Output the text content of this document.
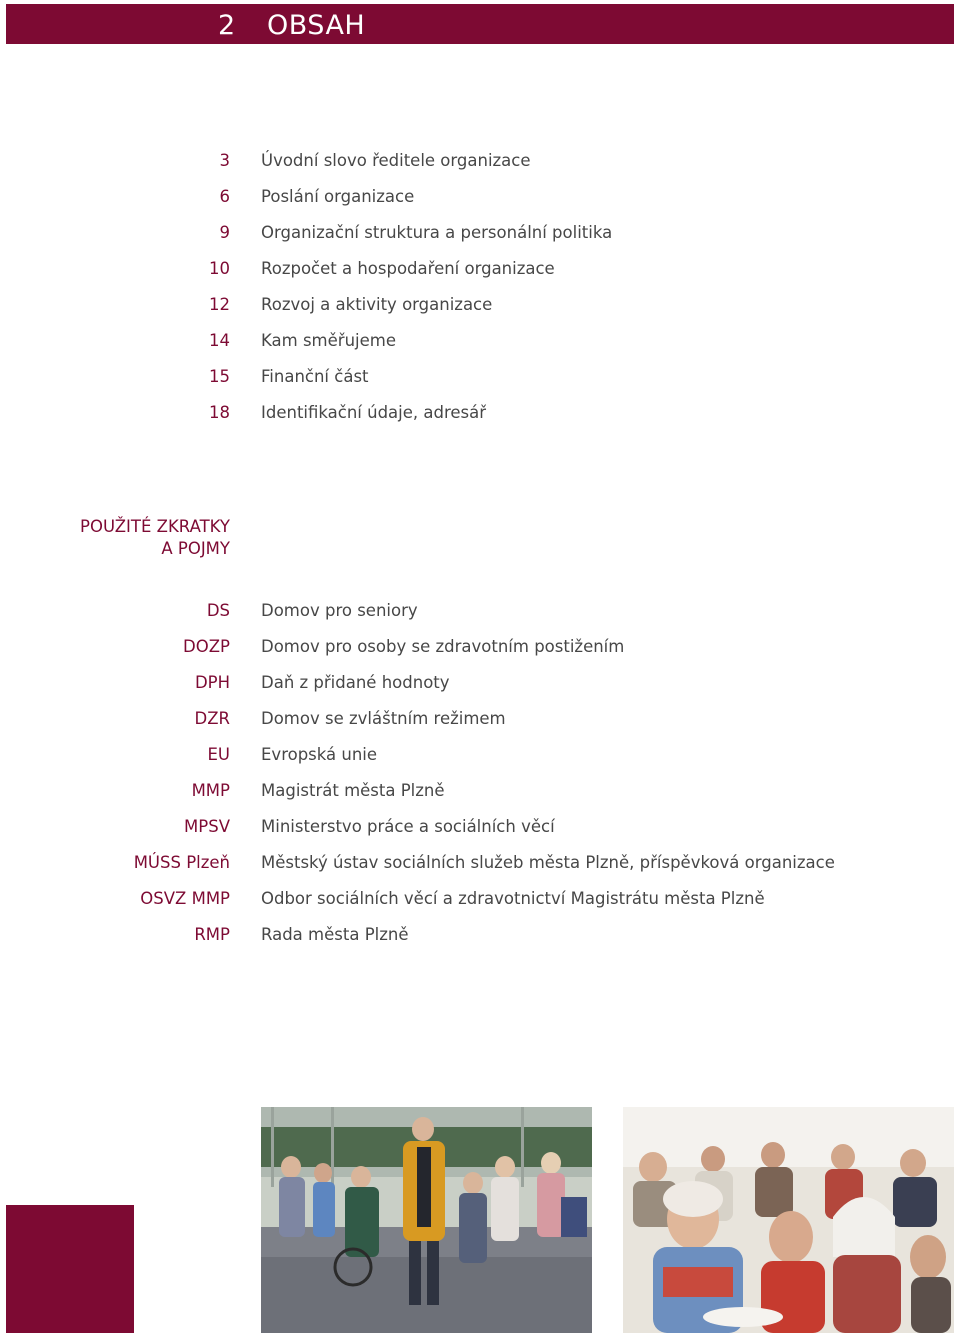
2 OBSAH
3 Úvodní slovo ředitele organizace
6 Poslání organizace
9 Organizační struktura a personální politika
10 Rozpočet a hospodaření organizace
12 Rozvoj a aktivity organizace
14 Kam směřujeme
15 Finanční část
18 Identifikační údaje, adresář
POUŽITÉ ZKRATKY
A POJMY
DS Domov pro seniory
DOZP Domov pro osoby se zdravotním postižením
DPH Daň z přidané hodnoty
DZR Domov se zvláštním režimem
EU Evropská unie
MMP Magistrát města Plzně
MPSV Ministerstvo práce a sociálních věcí
MÚSS Plzeň Městský ústav sociálních služeb města Plzně, příspěvková organizace
OSVZ MMP Odbor sociálních věcí a zdravotnictví Magistrátu města Plzně
RMP Rada města Plzně
